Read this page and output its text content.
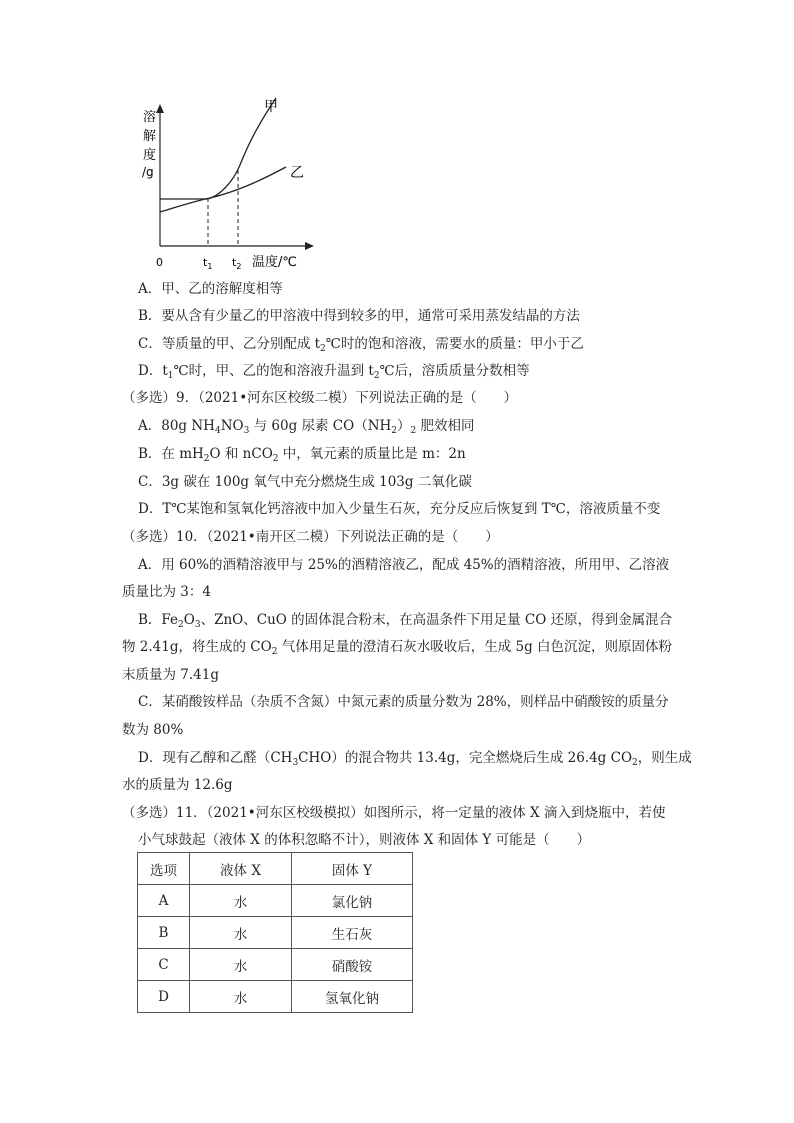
溶
解
度
/g
0	$t_1$ $t_2$ 温度/℃
甲
乙
A．甲、乙的溶解度相等
B．要从含有少量乙的甲溶液中得到较多的甲，通常可采用蒸发结晶的方法
C．等质量的甲、乙分别配成 $t_2℃$时的饱和溶液，需要水的质量：甲小于乙
D．$t_1℃$时，甲、乙的饱和溶液升温到 $t_2℃$后，溶质质量分数相等
（多选）9．（2021•河东区校级二模）下列说法正确的是（　　）
A．80g $NH_4NO_3$ 与 60g 尿素 $CO(NH_2)_2$ 肥效相同
B．在 $mH_2O$ 和 nCO$_2$ 中，氧元素的质量比是 m：2n
C．3g 碳在 100g 氧气中充分燃烧生成 103g 二氧化碳
D．T℃某饱和氢氧化钙溶液中加入少量生石灰，充分反应后恢复到 T℃，溶液质量不变
（多选）10．（2021•南开区二模）下列说法正确的是（　　）
A．用 60%的酒精溶液甲与 25%的酒精溶液乙，配成 45%的酒精溶液，所用甲、乙溶液
质量比为 3：4
B．$Fe_2O_3$、ZnO、CuO 的固体混合粉末，在高温条件下用足量 CO 还原，得到金属混合
物 2.41g，将生成的 $CO_2$ 气体用足量的澄清石灰水吸收后，生成 5g 白色沉淀，则原固体粉
末质量为 7.41g
C．某硝酸铵样品（杂质不含氮）中氮元素的质量分数为 28%，则样品中硝酸铵的质量分
数为 80%
D．现有乙醇和乙醛$(CH_3CHO)$的混合物共 13.4g，完全燃烧后生成 26.4g $CO_2$，则生成
水的质量为 12.6g
（多选）11．（2021•河东区校级模拟）如图所示，将一定量的液体 X 滴入到烧瓶中，若使
小气球鼓起（液体 X 的体积忽略不计），则液体 X 和固体 Y 可能是（　　）
选项	液体 X	固体 Y
A	水	氯化钠
B	水	生石灰
C	水	硝酸铵
D	水	氢氧化钠
